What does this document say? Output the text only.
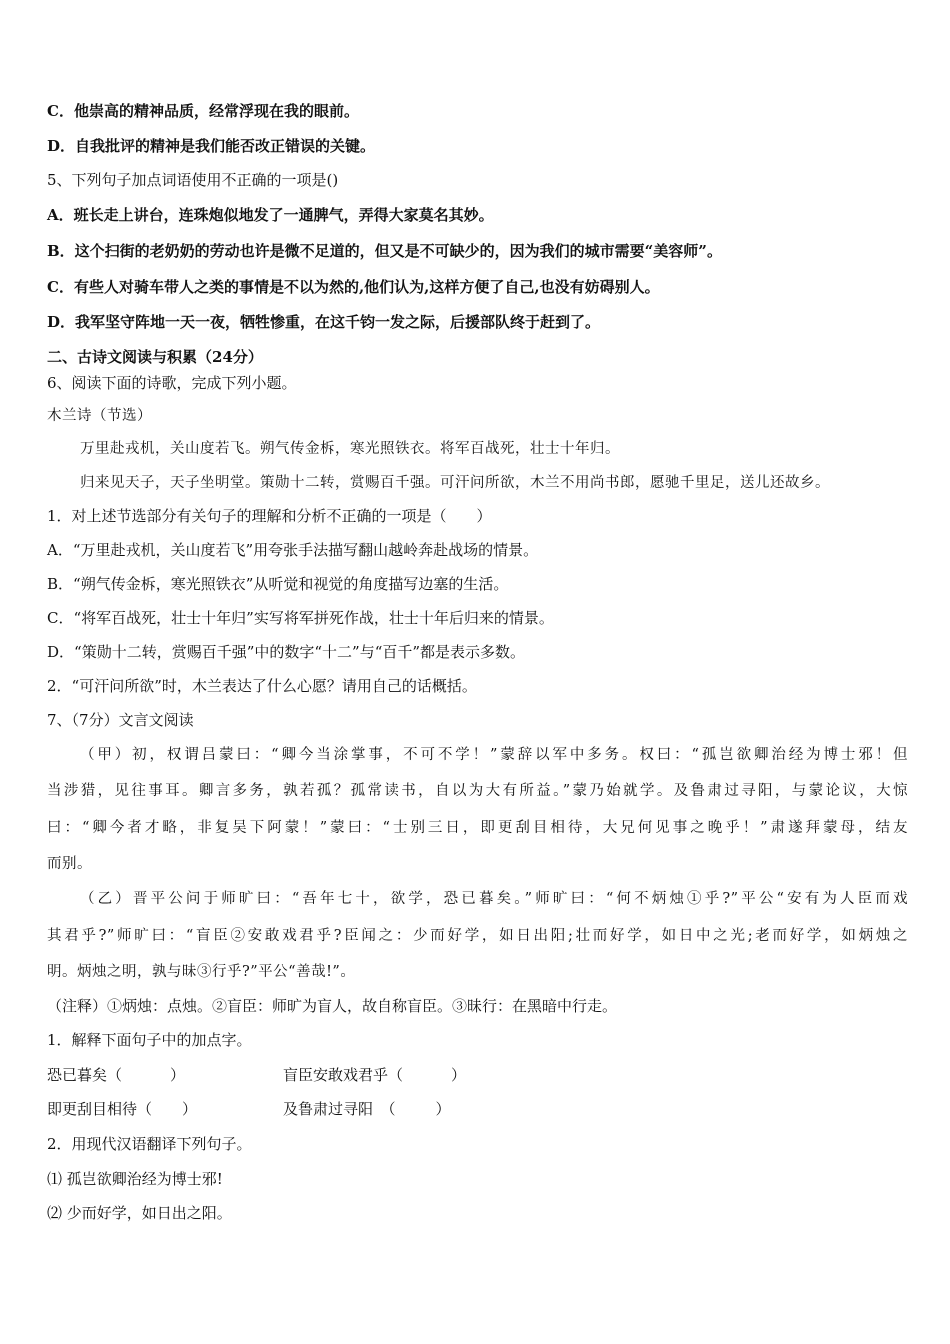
C．他崇高的精神品质，经常浮现在我的眼前。
D．自我批评的精神是我们能否改正错误的关键。
5、下列句子加点词语使用不正确的一项是()
A．班长走上讲台，连珠炮似地发了一通脾气，弄得大家莫名其妙。
B．这个扫街的老奶奶的劳动也许是微不足道的，但又是不可缺少的，因为我们的城市需要“美容师”。
C．有些人对骑车带人之类的事情是不以为然的,他们认为,这样方便了自己,也没有妨碍别人。
D．我军坚守阵地一天一夜，牺牲惨重，在这千钧一发之际，后援部队终于赶到了。
二、古诗文阅读与积累（24分）
6、阅读下面的诗歌，完成下列小题。
木兰诗（节选）
万里赴戎机，关山度若飞。朔气传金柝，寒光照铁衣。将军百战死，壮士十年归。
归来见天子，天子坐明堂。策勋十二转，赏赐百千强。可汗问所欲，木兰不用尚书郎，愿驰千里足，送儿还故乡。
1．对上述节选部分有关句子的理解和分析不正确的一项是（　　）
A．“万里赴戎机，关山度若飞”用夸张手法描写翻山越岭奔赴战场的情景。
B．“朔气传金柝，寒光照铁衣”从听觉和视觉的角度描写边塞的生活。
C．“将军百战死，壮士十年归”实写将军拼死作战，壮士十年后归来的情景。
D．“策勋十二转，赏赐百千强”中的数字“十二”与“百千”都是表示多数。
2．“可汗问所欲”时，木兰表达了什么心愿？请用自己的话概括。
7、（7分）文言文阅读
（甲）初，权谓吕蒙曰：“卿今当涂掌事，不可不学！”蒙辞以军中多务。权曰：“孤岂欲卿治经为博士邪！但
当涉猎，见往事耳。卿言多务，孰若孤？孤常读书，自以为大有所益。”蒙乃始就学。及鲁肃过寻阳，与蒙论议，大惊
曰：“卿今者才略，非复吴下阿蒙！”蒙曰：“士别三日，即更刮目相待，大兄何见事之晚乎！”肃遂拜蒙母，结友
而别。
（乙）晋平公问于师旷曰：“吾年七十，欲学，恐已暮矣。”师旷曰：“何不炳烛①乎?”平公“安有为人臣而戏
其君乎?”师旷曰：“盲臣②安敢戏君乎?臣闻之：少而好学，如日出阳;壮而好学，如日中之光;老而好学，如炳烛之
明。炳烛之明，孰与昧③行乎?”平公“善哉!”。
（注释）①炳烛：点烛。②盲臣：师旷为盲人，故自称盲臣。③昧行：在黑暗中行走。
1．解释下面句子中的加点字。
恐已暮矣（	）	盲臣安敢戏君乎（	）
即更刮目相待（ ）	及鲁肃过寻阳　（	）
2．用现代汉语翻译下列句子。
⑴ 孤岂欲卿治经为博士邪!
⑵ 少而好学，如日出之阳。
